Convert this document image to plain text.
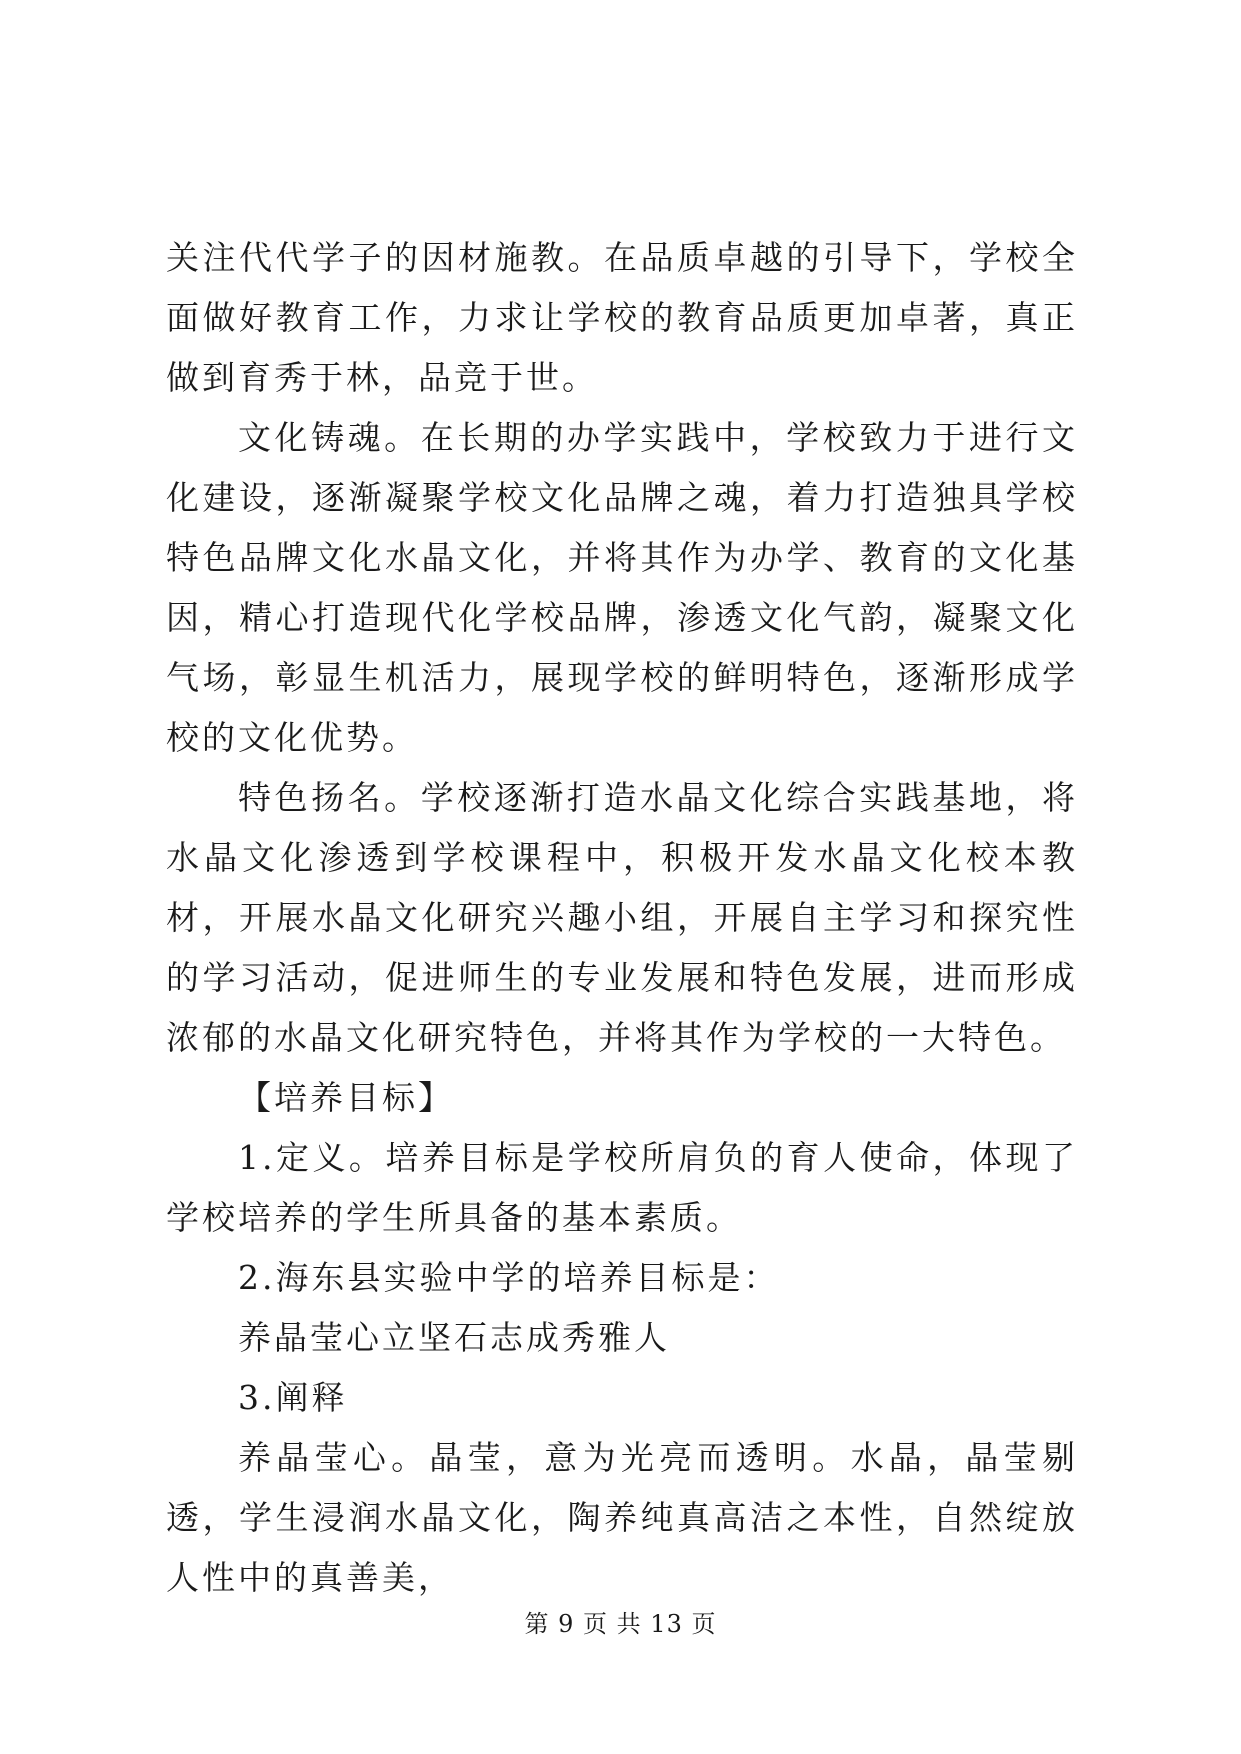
关注代代学子的因材施教。在品质卓越的引导下，学校全面做好教育工作，力求让学校的教育品质更加卓著，真正做到育秀于林，品竞于世。

文化铸魂。在长期的办学实践中，学校致力于进行文化建设，逐渐凝聚学校文化品牌之魂，着力打造独具学校特色品牌文化水晶文化，并将其作为办学、教育的文化基因，精心打造现代化学校品牌，渗透文化气韵，凝聚文化气场，彰显生机活力，展现学校的鲜明特色，逐渐形成学校的文化优势。

特色扬名。学校逐渐打造水晶文化综合实践基地，将水晶文化渗透到学校课程中，积极开发水晶文化校本教材，开展水晶文化研究兴趣小组，开展自主学习和探究性的学习活动，促进师生的专业发展和特色发展，进而形成浓郁的水晶文化研究特色，并将其作为学校的一大特色。

【培养目标】

1.定义。培养目标是学校所肩负的育人使命，体现了学校培养的学生所具备的基本素质。

2.海东县实验中学的培养目标是：

养晶莹心立坚石志成秀雅人

3.阐释

养晶莹心。晶莹，意为光亮而透明。水晶，晶莹剔透，学生浸润水晶文化，陶养纯真高洁之本性，自然绽放人性中的真善美，

第 9 页 共 13 页
